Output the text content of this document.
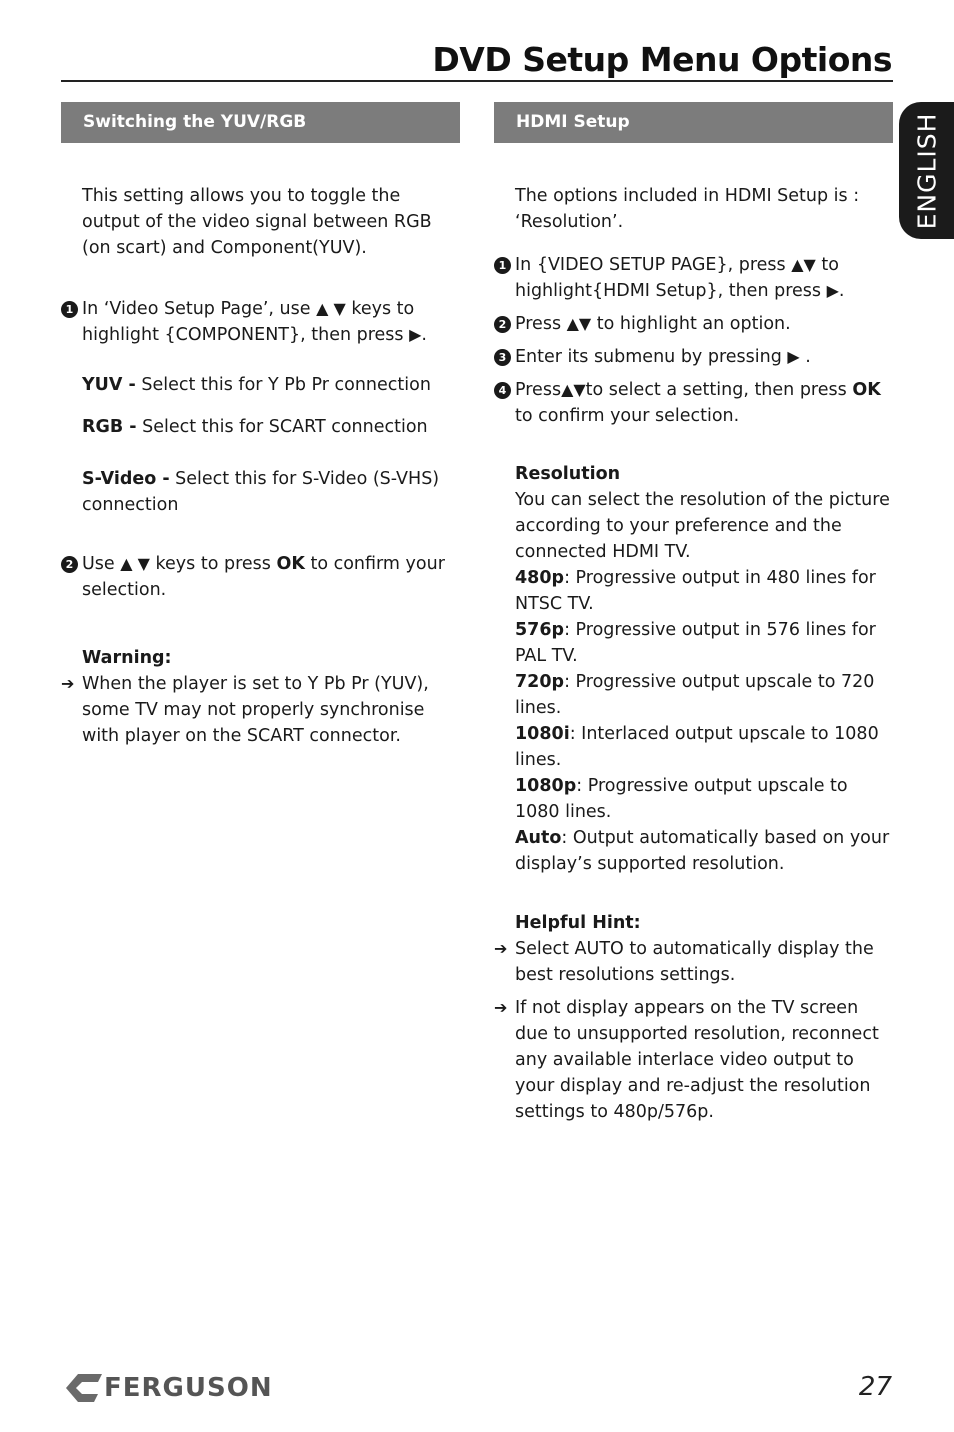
DVD Setup Menu Options
ENGLISH
Switching the YUV/RGB

This setting allows you to toggle the output of the video signal between RGB (on scart) and Component(YUV).

1 In ‘Video Setup Page’, use ▲ ▼ keys to highlight {COMPONENT}, then press ▶.

YUV - Select this for Y Pb Pr connection

RGB - Select this for SCART connection

S-Video - Select this for S-Video (S-VHS) connection

2 Use ▲ ▼ keys to press OK to confirm your selection.

Warning:

➔ When the player is set to Y Pb Pr (YUV), some TV may not properly synchronise with player on the SCART connector.
HDMI Setup

The options included in HDMI Setup is : ‘Resolution’.

1 In {VIDEO SETUP PAGE}, press ▲▼ to highlight{HDMI Setup}, then press ▶.
2 Press ▲▼ to highlight an option.
3 Enter its submenu by pressing ▶ .
4 Press▲▼to select a setting, then press OK to confirm your selection.

Resolution

You can select the resolution of the picture according to your preference and the connected HDMI TV.

480p: Progressive output in 480 lines for NTSC TV.

576p: Progressive output in 576 lines for PAL TV.

720p: Progressive output upscale to 720 lines.

1080i: Interlaced output upscale to 1080 lines.

1080p: Progressive output upscale to 1080 lines.

Auto: Output automatically based on your display’s supported resolution.

Helpful Hint:

➔ Select AUTO to automatically display the best resolutions settings.
➔ If not display appears on the TV screen due to unsupported resolution, reconnect any available interlace video output to your display and re-adjust the resolution settings to 480p/576p.
FERGUSON	27
